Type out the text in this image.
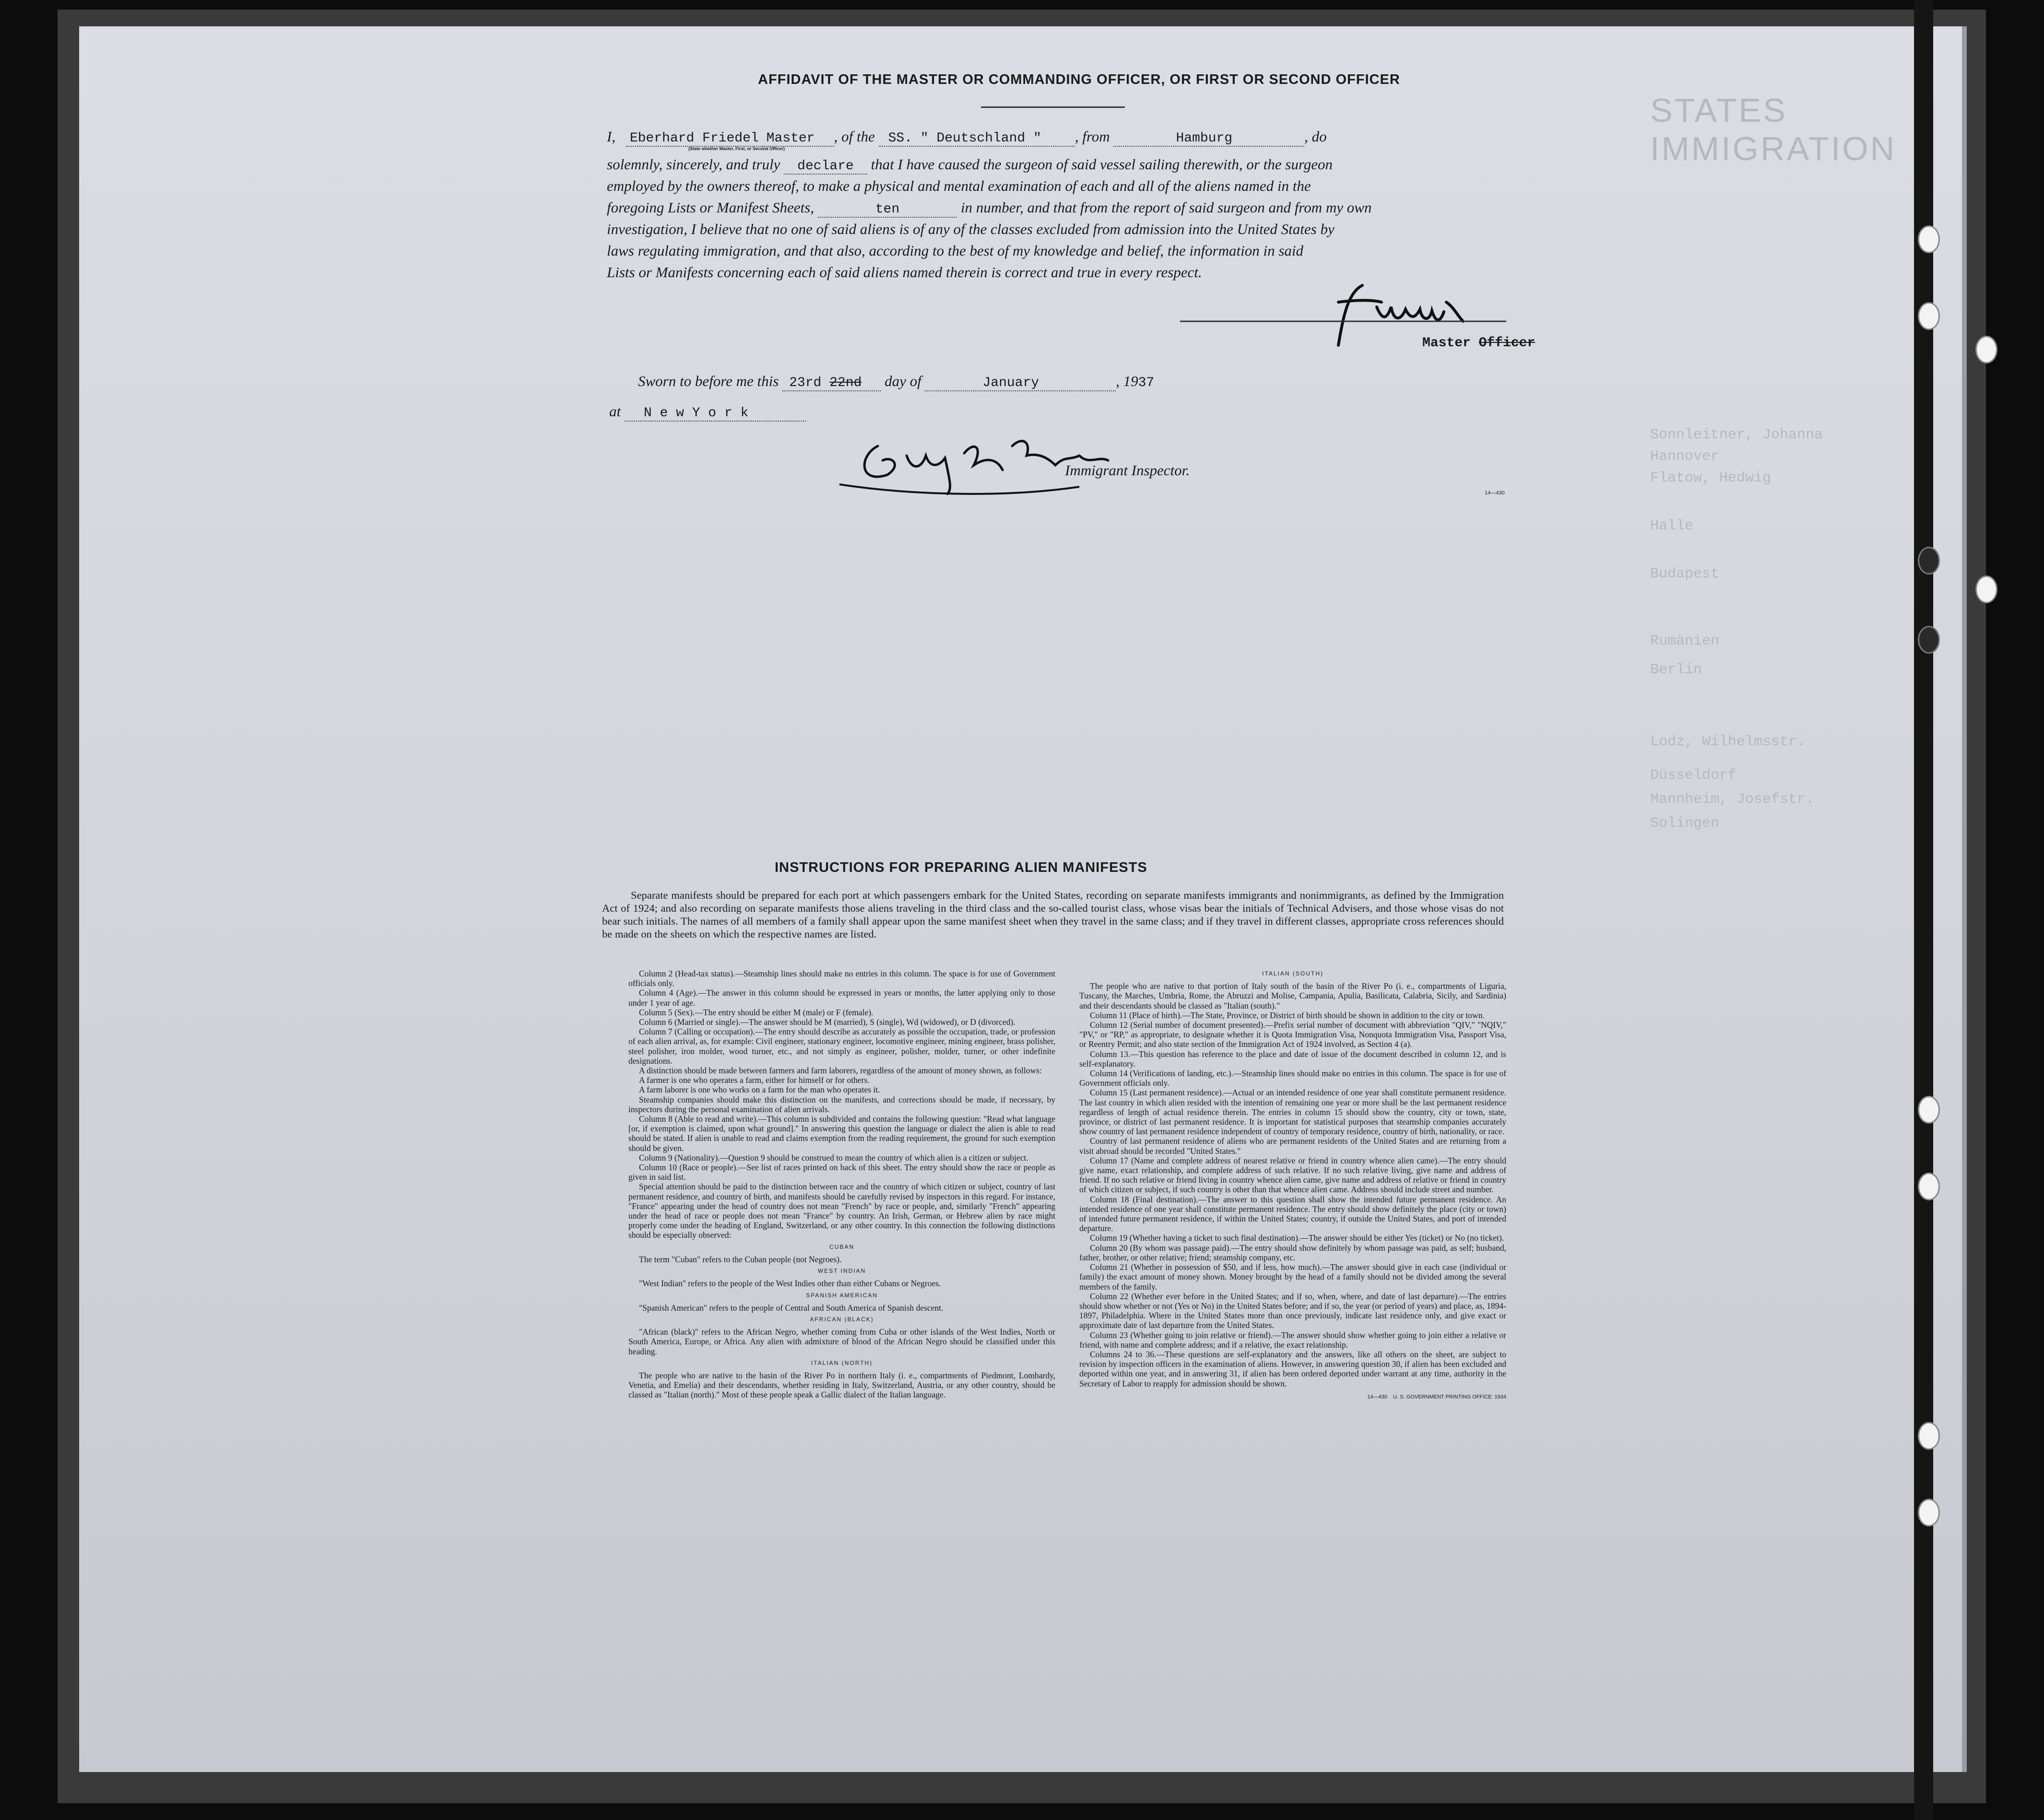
STATES IMMIGRATION
Sonnleitner, Johanna
Hannover
Flatow, Hedwig
Halle
Budapest
Rumänien
Berlin
Lodz, Wilhelmsstr.
Düsseldorf
Mannheim, Josefstr.
Solingen
AFFIDAVIT OF THE MASTER OR COMMANDING OFFICER, OR FIRST OR SECOND OFFICER
I, Eberhard Friedel Master , of the SS. " Deutschland " , from	Hamburg	, do
(State whether Master, First, or Second Officer)
solemnly, sincerely, and truly declare that I have caused the surgeon of said vessel sailing therewith, or the surgeon
employed by the owners thereof, to make a physical and mental examination of each and all of the aliens named in the
foregoing Lists or Manifest Sheets,	ten	in number, and that from the report of said surgeon and from my own
investigation, I believe that no one of said aliens is of any of the classes excluded from admission into the United States by
laws regulating immigration, and that also, according to the best of my knowledge and belief, the information in said
Lists or Manifests concerning each of said aliens named therein is correct and true in every respect.
Master Officer
Sworn to before me this 23rd 22nd day of	January	, 1937
at N e w Y o r k
Immigrant Inspector.
14—430
INSTRUCTIONS FOR PREPARING ALIEN MANIFESTS
Separate manifests should be prepared for each port at which passengers embark for the United States, recording on separate manifests immigrants and nonimmigrants, as defined by the Immigration Act of 1924; and also recording on separate manifests those aliens traveling in the third class and the so-called tourist class, whose visas bear the initials of Technical Advisers, and those whose visas do not bear such initials. The names of all members of a family shall appear upon the same manifest sheet when they travel in the same class; and if they travel in different classes, appropriate cross references should be made on the sheets on which the respective names are listed.

Column 2 (Head-tax status).—Steamship lines should make no entries in this column. The space is for use of Government officials only.

Column 4 (Age).—The answer in this column should be expressed in years or months, the latter applying only to those under 1 year of age.

Column 5 (Sex).—The entry should be either M (male) or F (female).

Column 6 (Married or single).—The answer should be M (married), S (single), Wd (widowed), or D (divorced).

Column 7 (Calling or occupation).—The entry should describe as accurately as possible the occupation, trade, or profession of each alien arrival, as, for example: Civil engineer, stationary engineer, locomotive engineer, mining engineer, brass polisher, steel polisher, iron molder, wood turner, etc., and not simply as engineer, polisher, molder, turner, or other indefinite designations.

A distinction should be made between farmers and farm laborers, regardless of the amount of money shown, as follows:

A farmer is one who operates a farm, either for himself or for others.

A farm laborer is one who works on a farm for the man who operates it.

Steamship companies should make this distinction on the manifests, and corrections should be made, if necessary, by inspectors during the personal examination of alien arrivals.

Column 8 (Able to read and write).—This column is subdivided and contains the following question: "Read what language [or, if exemption is claimed, upon what ground]." In answering this question the language or dialect the alien is able to read should be stated. If alien is unable to read and claims exemption from the reading requirement, the ground for such exemption should be given.

Column 9 (Nationality).—Question 9 should be construed to mean the country of which alien is a citizen or subject.

Column 10 (Race or people).—See list of races printed on back of this sheet. The entry should show the race or people as given in said list.

Special attention should be paid to the distinction between race and the country of which citizen or subject, country of last permanent residence, and country of birth, and manifests should be carefully revised by inspectors in this regard. For instance, "France" appearing under the head of country does not mean "French" by race or people, and, similarly "French" appearing under the head of race or people does not mean "France" by country. An Irish, German, or Hebrew alien by race might properly come under the heading of England, Switzerland, or any other country. In this connection the following distinctions should be especially observed:

CUBAN

The term "Cuban" refers to the Cuban people (not Negroes).

WEST INDIAN

"West Indian" refers to the people of the West Indies other than either Cubans or Negroes.

SPANISH AMERICAN

"Spanish American" refers to the people of Central and South America of Spanish descent.

AFRICAN (BLACK)

"African (black)" refers to the African Negro, whether coming from Cuba or other islands of the West Indies, North or South America, Europe, or Africa. Any alien with admixture of blood of the African Negro should be classified under this heading.

ITALIAN (NORTH)

The people who are native to the basin of the River Po in northern Italy (i. e., compartments of Piedmont, Lombardy, Venetia, and Emelia) and their descendants, whether residing in Italy, Switzerland, Austria, or any other country, should be classed as "Italian (north)." Most of these people speak a Gallic dialect of the Italian language.

ITALIAN (SOUTH)

The people who are native to that portion of Italy south of the basin of the River Po (i. e., compartments of Liguria, Tuscany, the Marches, Umbria, Rome, the Abruzzi and Molise, Campania, Apulia, Basilicata, Calabria, Sicily, and Sardinia) and their descendants should be classed as "Italian (south)."

Column 11 (Place of birth).—The State, Province, or District of birth should be shown in addition to the city or town.

Column 12 (Serial number of document presented).—Prefix serial number of document with abbreviation "QIV," "NQIV," "PV," or "RP," as appropriate, to designate whether it is Quota Immigration Visa, Nonquota Immigration Visa, Passport Visa, or Reentry Permit; and also state section of the Immigration Act of 1924 involved, as Section 4 (a).

Column 13.—This question has reference to the place and date of issue of the document described in column 12, and is self-explanatory.

Column 14 (Verifications of landing, etc.).—Steamship lines should make no entries in this column. The space is for use of Government officials only.

Column 15 (Last permanent residence).—Actual or an intended residence of one year shall constitute permanent residence. The last country in which alien resided with the intention of remaining one year or more shall be the last permanent residence regardless of length of actual residence therein. The entries in column 15 should show the country, city or town, state, province, or district of last permanent residence. It is important for statistical purposes that steamship companies accurately show country of last permanent residence independent of country of temporary residence, country of birth, nationality, or race.

Country of last permanent residence of aliens who are permanent residents of the United States and are returning from a visit abroad should be recorded "United States."

Column 17 (Name and complete address of nearest relative or friend in country whence alien came).—The entry should give name, exact relationship, and complete address of such relative. If no such relative living, give name and address of friend. If no such relative or friend living in country whence alien came, give name and address of relative or friend in country of which citizen or subject, if such country is other than that whence alien came. Address should include street and number.

Column 18 (Final destination).—The answer to this question shall show the intended future permanent residence. An intended residence of one year shall constitute permanent residence. The entry should show definitely the place (city or town) of intended future permanent residence, if within the United States; country, if outside the United States, and port of intended departure.

Column 19 (Whether having a ticket to such final destination).—The answer should be either Yes (ticket) or No (no ticket).

Column 20 (By whom was passage paid).—The entry should show definitely by whom passage was paid, as self; husband, father, brother, or other relative; friend; steamship company, etc.

Column 21 (Whether in possession of $50, and if less, how much).—The answer should give in each case (individual or family) the exact amount of money shown. Money brought by the head of a family should not be divided among the several members of the family.

Column 22 (Whether ever before in the United States; and if so, when, where, and date of last departure).—The entries should show whether or not (Yes or No) in the United States before; and if so, the year (or period of years) and place, as, 1894-1897, Philadelphia. Where in the United States more than once previously, indicate last residence only, and give exact or approximate date of last departure from the United States.

Column 23 (Whether going to join relative or friend).—The answer should show whether going to join either a relative or friend, with name and complete address; and if a relative, the exact relationship.

Columns 24 to 36.—These questions are self-explanatory and the answers, like all others on the sheet, are subject to revision by inspection officers in the examination of aliens. However, in answering question 30, if alien has been excluded and deported within one year, and in answering 31, if alien has been ordered deported under warrant at any time, authority in the Secretary of Labor to reapply for admission should be shown.

14—430 U. S. GOVERNMENT PRINTING OFFICE: 1934
